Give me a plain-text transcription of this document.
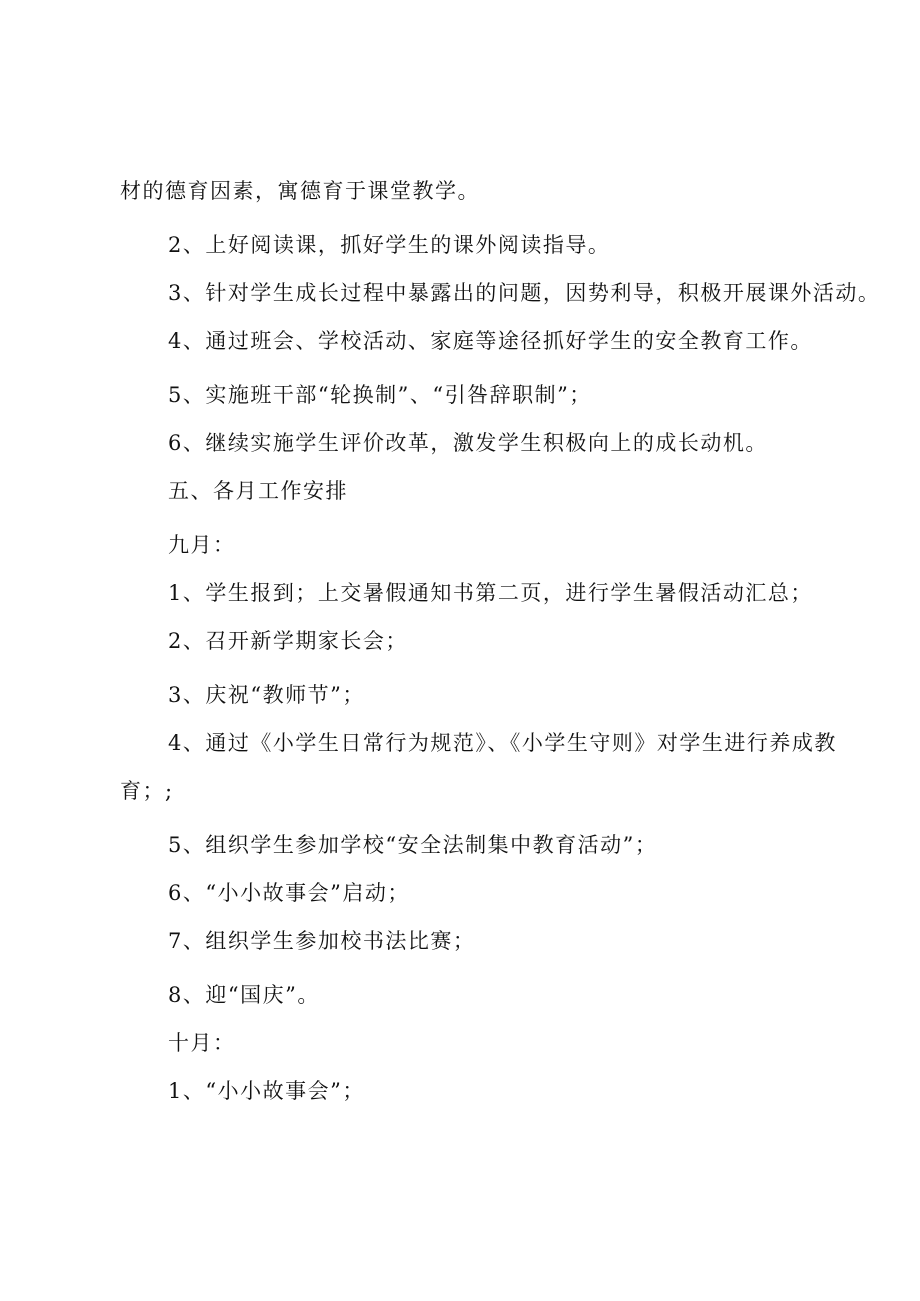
材的德育因素，寓德育于课堂教学。
2、上好阅读课，抓好学生的课外阅读指导。
3、针对学生成长过程中暴露出的问题，因势利导，积极开展课外活动。
4、通过班会、学校活动、家庭等途径抓好学生的安全教育工作。
5、实施班干部“轮换制”、“引咎辞职制”；
6、继续实施学生评价改革，激发学生积极向上的成长动机。
五、各月工作安排
九月：
1、学生报到；上交暑假通知书第二页，进行学生暑假活动汇总；
2、召开新学期家长会；
3、庆祝“教师节”；
4、通过《小学生日常行为规范》、《小学生守则》对学生进行养成教
育；;
5、组织学生参加学校“安全法制集中教育活动”；
6、“小小故事会”启动；
7、组织学生参加校书法比赛；
8、迎“国庆”。
十月：
1、“小小故事会”；
